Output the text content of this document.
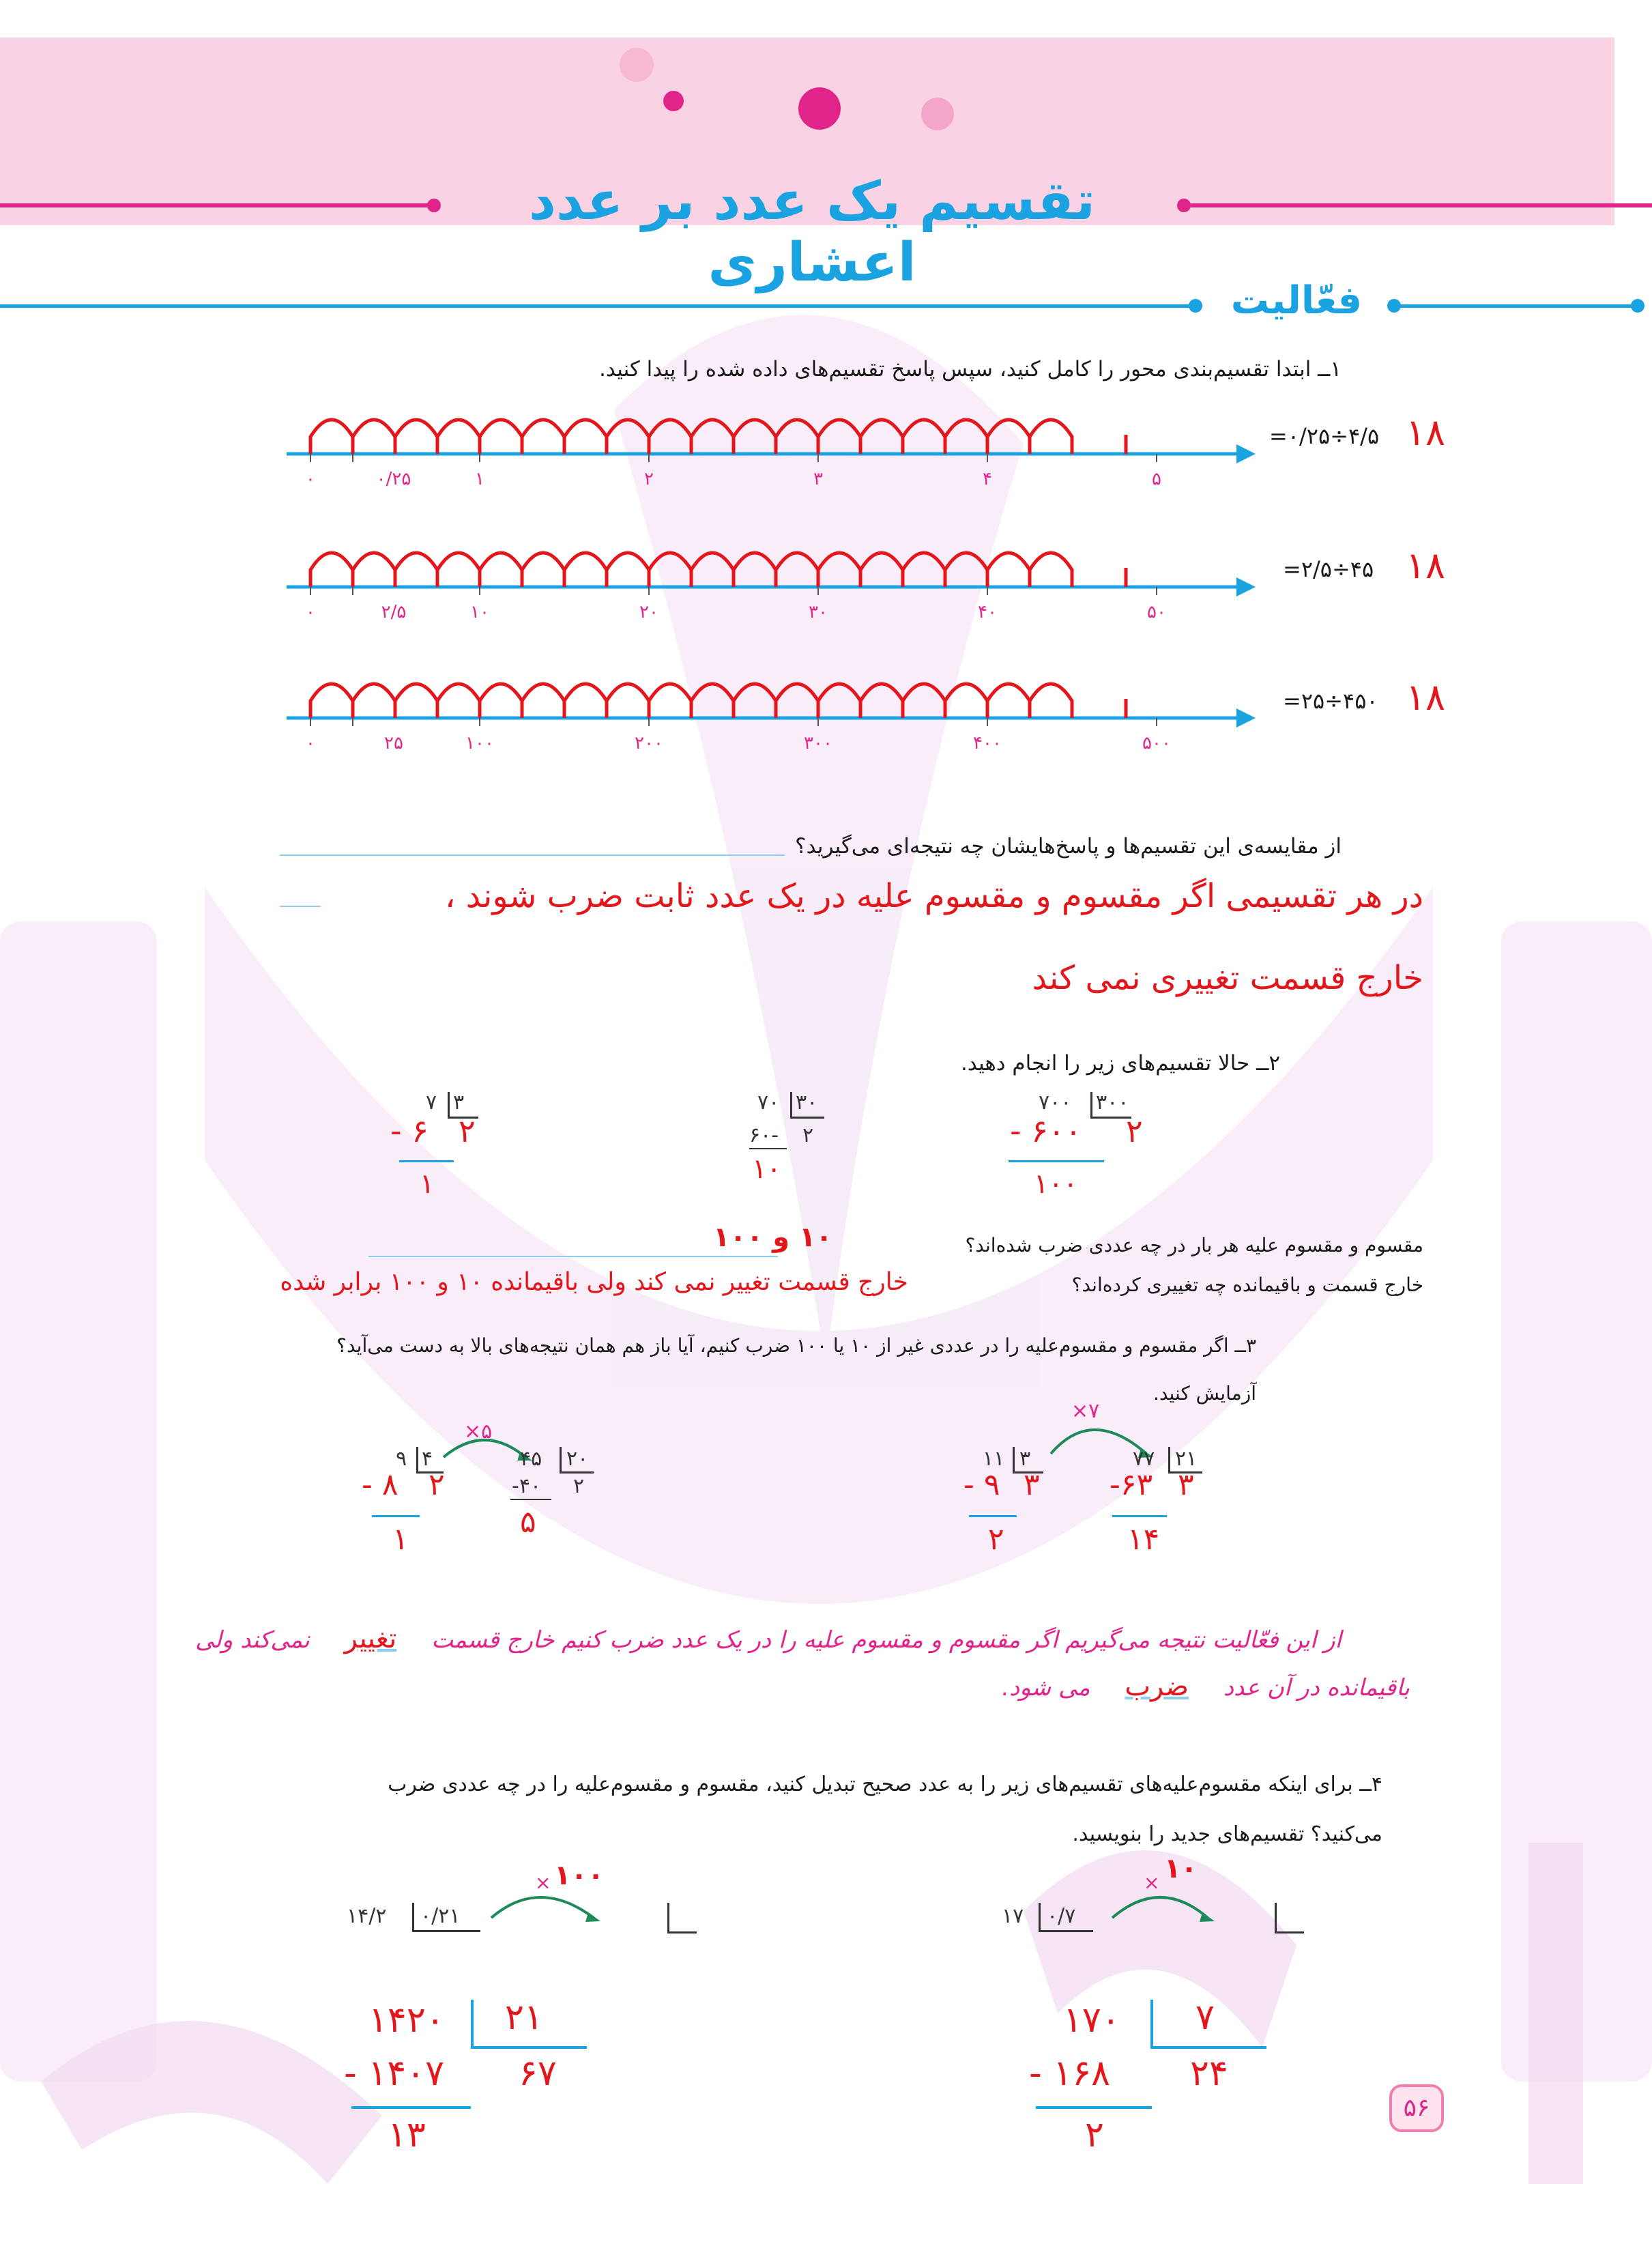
تقسیم یک عدد بر عدد اعشاری
فعّالیت
۱ــ ابتدا تقسیم‌بندی محور را کامل کنید، سپس پاسخ تقسیم‌های داده شده را پیدا کنید.
۰	۰/۲۵	۱	۲	۳	۴	۵
۰	۲/۵	۱۰	۲۰	۳۰	۴۰	۵۰
۰	۲۵	۱۰۰	۲۰۰	۳۰۰	۴۰۰	۵۰۰
۴/۵÷۰/۲۵= ۱۸
۴۵÷۲/۵= ۱۸
۴۵۰÷۲۵= ۱۸
از مقایسه‌ی این تقسیم‌ها و پاسخ‌هایشان چه نتیجه‌ای می‌گیرید؟
در هر تقسیمی اگر مقسوم و مقسوم علیه در یک عدد ثابت ضرب شوند ،
خارج قسمت تغییری نمی کند
۲ــ حالا تقسیم‌های زیر را انجام دهید.
۷۰۰ ۳۰۰
- ۶۰۰ ۲
۱۰۰
۷۰ ۳۰
۶۰- ۲
۱۰
۷ ۳
- ۶ ۲
۱
مقسوم و مقسوم علیه هر بار در چه عددی ضرب شده‌اند؟
۱۰ و ۱۰۰
خارج قسمت و باقیمانده چه تغییری کرده‌اند؟
خارج قسمت تغییر نمی کند ولی باقیمانده ۱۰ و ۱۰۰ برابر شده
۳ــ اگر مقسوم و مقسوم‌علیه را در عددی غیر از ۱۰ یا ۱۰۰ ضرب کنیم، آیا باز هم همان نتیجه‌های بالا به دست می‌آید؟
آزمایش کنید.
×۷
×۵
۱۱ ۳
- ۹ ۳
۲
۷۷ ۲۱
-۶۳ ۳
۱۴
۹ ۴
- ۸ ۲
۱
۴۵ ۲۰
-۴۰ ۲
۵
از این فعّالیت نتیجه می‌گیریم اگر مقسوم و مقسوم علیه را در یک عدد ضرب کنیم خارج قسمت تغییر نمی‌کند ولی
باقیمانده در آن عدد ضرب می شود.
۴ــ برای اینکه مقسوم‌علیه‌های تقسیم‌های زیر را به عدد صحیح تبدیل کنید، مقسوم و مقسوم‌علیه را در چه عددی ضرب
می‌کنید؟ تقسیم‌های جدید را بنویسید.
۱۷ ۰/۷
× ۱۰
۱۷۰ ۷
- ۱۶۸ ۲۴
۲
۱۴/۲ ۰/۲۱
× ۱۰۰
۱۴۲۰ ۲۱
- ۱۴۰۷ ۶۷
۱۳
۵۶
